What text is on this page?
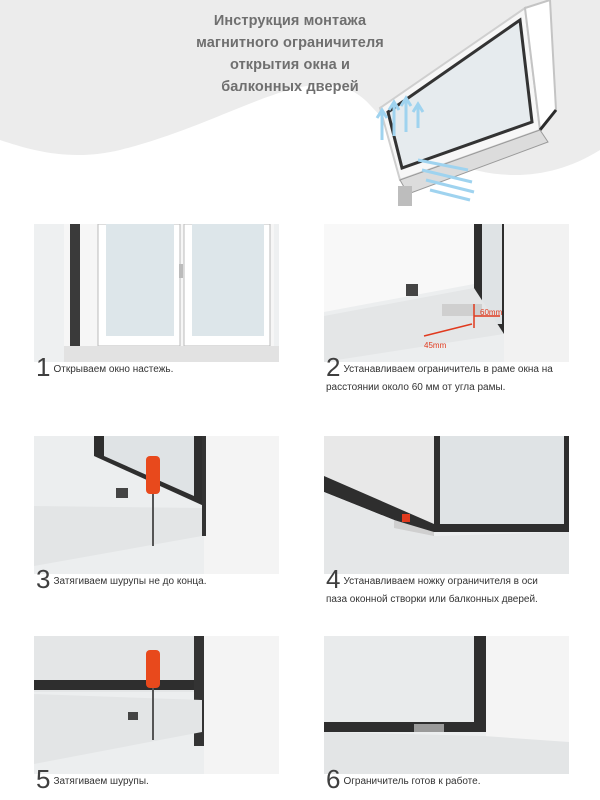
Инструкция монтажа
магнитного ограничителя
открытия окна и
балконных дверей
1 Открываем окно настежь.
60mm
45mm
2 Устанавливаем ограничитель в раме окна на
расстоянии около 60 мм от угла рамы.
3 Затягиваем шурупы не до конца.	4 Устанавливаем ножку ограничителя в оси
паза оконной створки или балконных дверей.
5 Затягиваем шурупы.	6 Ограничитель готов к работе.
